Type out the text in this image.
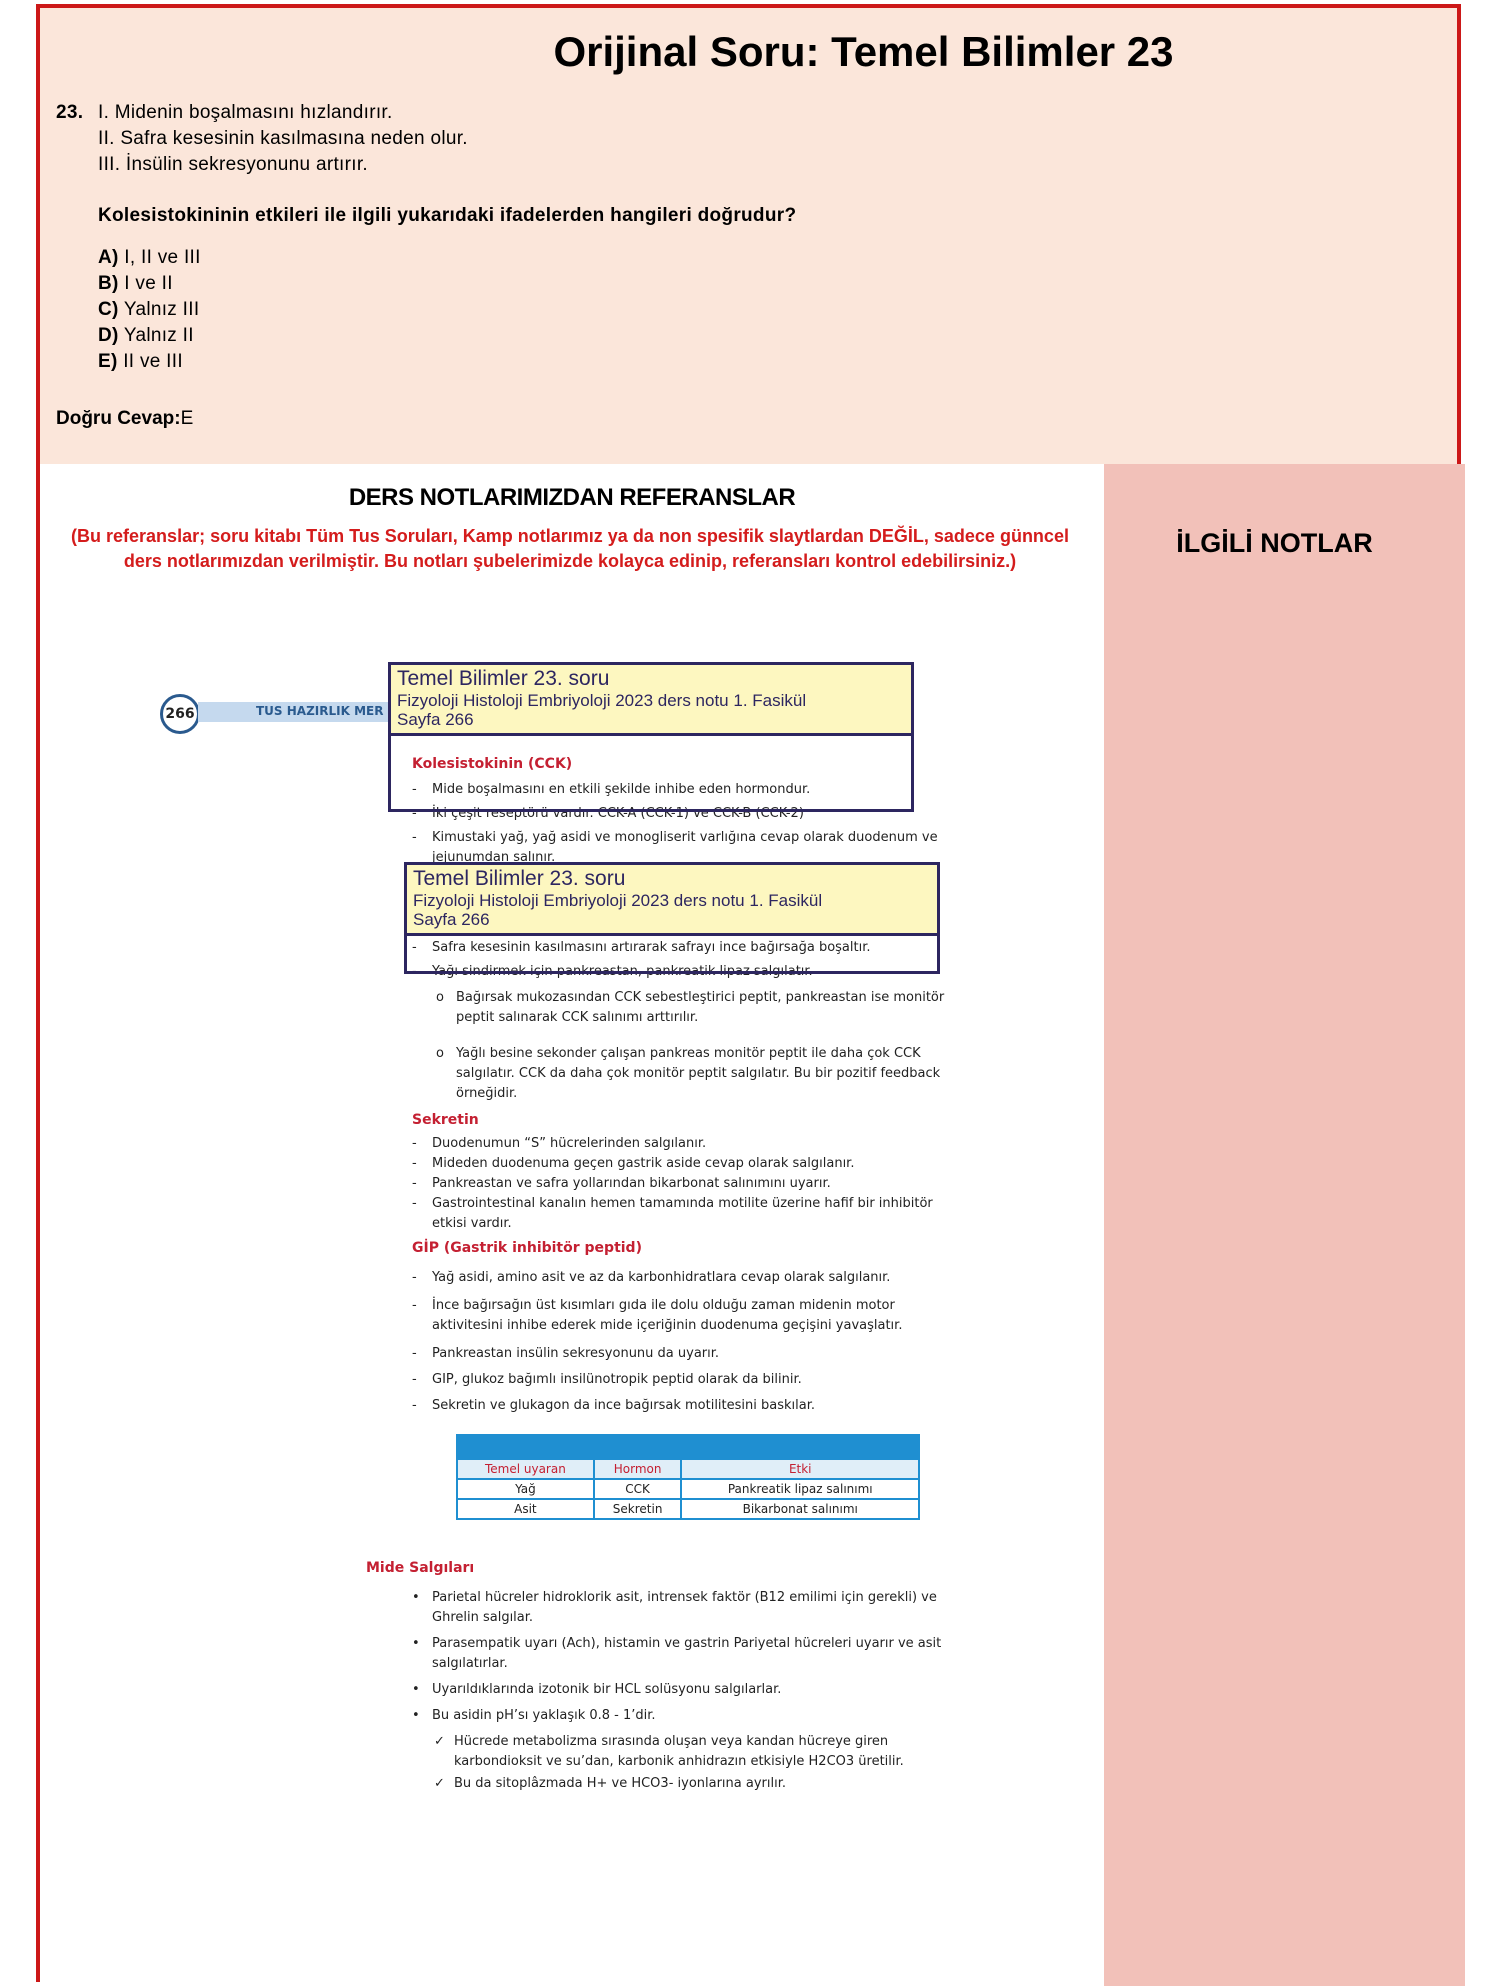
Orijinal Soru: Temel Bilimler 23
23. I. Midenin boşalmasını hızlandırır.
II. Safra kesesinin kasılmasına neden olur.
III. İnsülin sekresyonunu artırır.
Kolesistokininin etkileri ile ilgili yukarıdaki ifadelerden hangileri doğrudur?
A) I, II ve III
B) I ve II
C) Yalnız III
D) Yalnız II
E) II ve III
Doğru Cevap:E
DERS NOTLARIMIZDAN REFERANSLAR
(Bu referanslar; soru kitabı Tüm Tus Soruları, Kamp notlarımız ya da non spesifik slaytlardan DEĞİL, sadece günncel ders notlarımızdan verilmiştir. Bu notları şubelerimizde kolayca edinip, referansları kontrol edebilirsiniz.)
İLGİLİ NOTLAR
266	TUS HAZIRLIK MER
Kolesistokinin (CCK)
- Mide boşalmasını en etkili şekilde inhibe eden hormondur.
- İki çeşit reseptörü vardır. CCK-A (CCK-1) ve CCK-B (CCK-2)
- Kimustaki yağ, yağ asidi ve monogliserit varlığına cevap olarak duodenum ve jejunumdan salınır.
- Safra kesesinin kasılmasını artırarak safrayı ince bağırsağa boşaltır.
- Yağı sindirmek için pankreastan, pankreatik lipaz salgılatır.
o Bağırsak mukozasından CCK sebestleştirici peptit, pankreastan ise monitör peptit salınarak CCK salınımı arttırılır.
o Yağlı besine sekonder çalışan pankreas monitör peptit ile daha çok CCK salgılatır. CCK da daha çok monitör peptit salgılatır. Bu bir pozitif feedback örneğidir.
Sekretin
- Duodenumun “S” hücrelerinden salgılanır.
- Mideden duodenuma geçen gastrik aside cevap olarak salgılanır.
- Pankreastan ve safra yollarından bikarbonat salınımını uyarır.
- Gastrointestinal kanalın hemen tamamında motilite üzerine hafif bir inhibitör etkisi vardır.
GİP (Gastrik inhibitör peptid)
- Yağ asidi, amino asit ve az da karbonhidratlara cevap olarak salgılanır.
- İnce bağırsağın üst kısımları gıda ile dolu olduğu zaman midenin motor aktivitesini inhibe ederek mide içeriğinin duodenuma geçişini yavaşlatır.
- Pankreastan insülin sekresyonunu da uyarır.
- GIP, glukoz bağımlı insilünotropik peptid olarak da bilinir.
- Sekretin ve glukagon da ince bağırsak motilitesini baskılar.
Temel uyaran	Hormon	Etki
Yağ	CCK	Pankreatik lipaz salınımı
Asit	Sekretin	Bikarbonat salınımı
Mide Salgıları
• Parietal hücreler hidroklorik asit, intrensek faktör (B12 emilimi için gerekli) ve Ghrelin salgılar.
• Parasempatik uyarı (Ach), histamin ve gastrin Pariyetal hücreleri uyarır ve asit salgılatırlar.
• Uyarıldıklarında izotonik bir HCL solüsyonu salgılarlar.
• Bu asidin pH’sı yaklaşık 0.8 - 1’dir.
✓ Hücrede metabolizma sırasında oluşan veya kandan hücreye giren karbondioksit ve su’dan, karbonik anhidrazın etkisiyle H2CO3 üretilir.
✓ Bu da sitoplâzmada H+ ve HCO3- iyonlarına ayrılır.
Temel Bilimler 23. soru
Fizyoloji Histoloji Embriyoloji 2023 ders notu 1. Fasikül
Sayfa 266
Temel Bilimler 23. soru
Fizyoloji Histoloji Embriyoloji 2023 ders notu 1. Fasikül
Sayfa 266
